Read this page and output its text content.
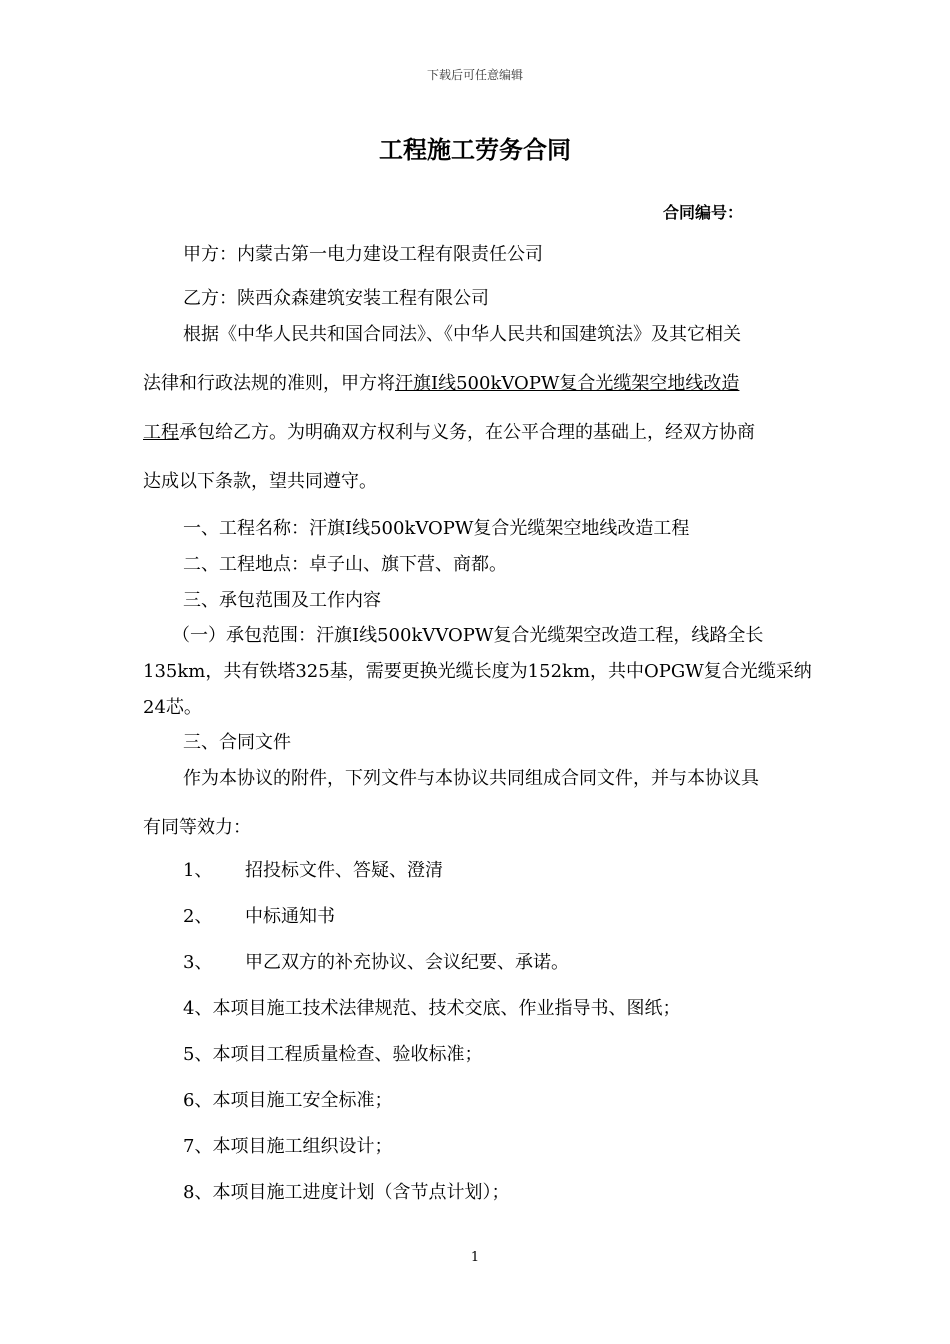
下载后可任意编辑
工程施工劳务合同
合同编号：
甲方：内蒙古第一电力建设工程有限责任公司
乙方：陕西众森建筑安装工程有限公司
根据《中华人民共和国合同法》、《中华人民共和国建筑法》及其它相关
法律和行政法规的准则，甲方将汗旗Ⅰ线500kVOPW复合光缆架空地线改造
工程承包给乙方。为明确双方权利与义务，在公平合理的基础上，经双方协商
达成以下条款，望共同遵守。
一、工程名称：汗旗Ⅰ线500kVOPW复合光缆架空地线改造工程
二、工程地点：卓子山、旗下营、商都。
三、承包范围及工作内容
（一）承包范围：汗旗Ⅰ线500kVVOPW复合光缆架空改造工程，线路全长
135km，共有铁塔325基，需要更换光缆长度为152km，共中OPGW复合光缆采纳
24芯。
三、合同文件
作为本协议的附件，下列文件与本协议共同组成合同文件，并与本协议具
有同等效力：
1、 招投标文件、答疑、澄清
2、 中标通知书
3、 甲乙双方的补充协议、会议纪要、承诺。
4、本项目施工技术法律规范、技术交底、作业指导书、图纸；
5、本项目工程质量检查、验收标准；
6、本项目施工安全标准；
7、本项目施工组织设计；
8、本项目施工进度计划（含节点计划）；
1
